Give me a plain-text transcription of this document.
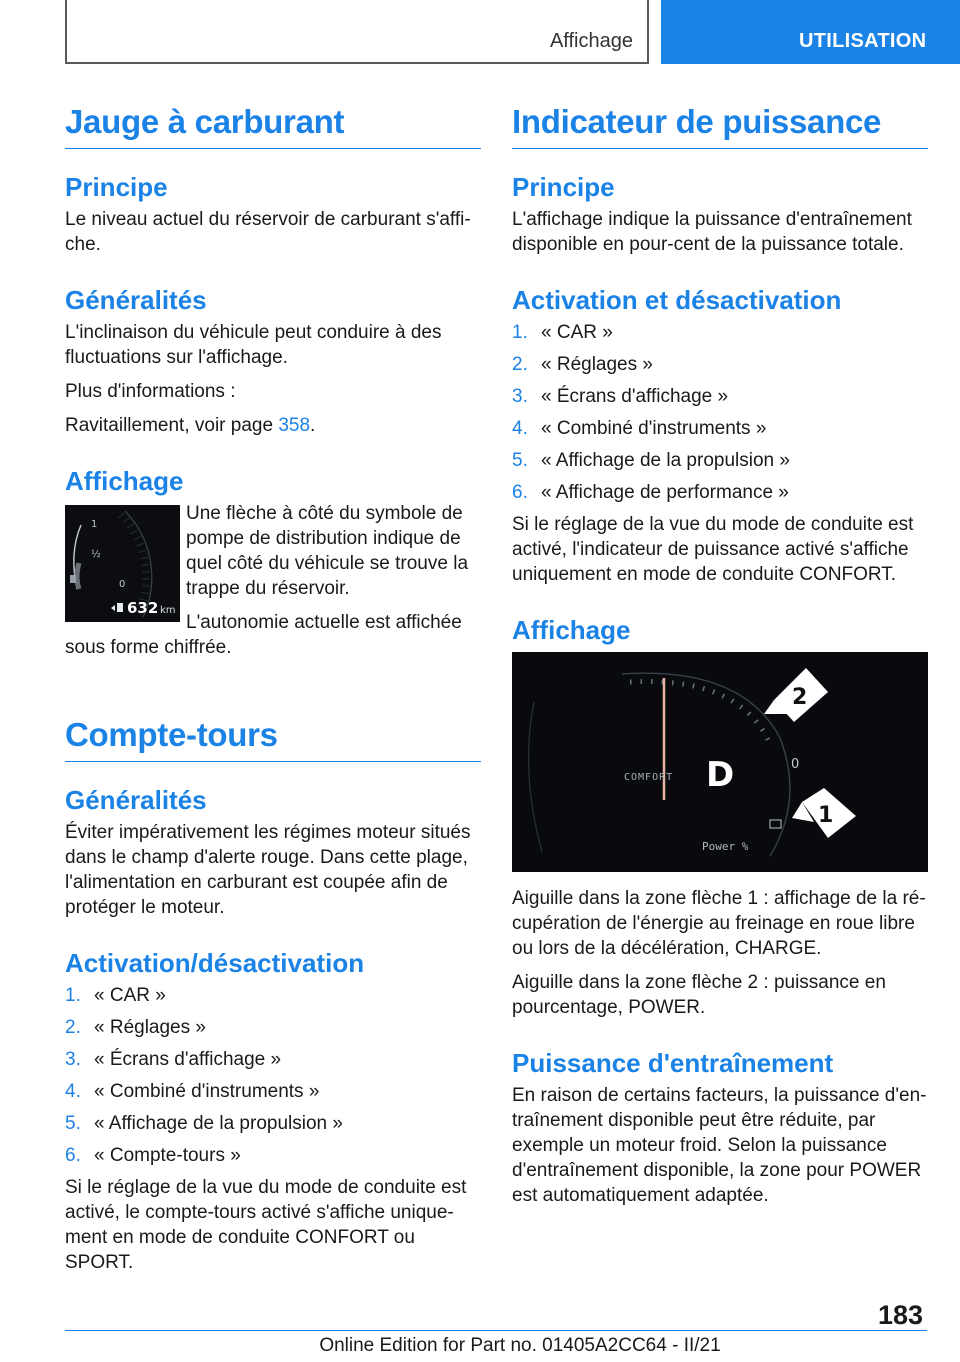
Affichage	UTILISATION
Jauge à carburant
Principe
Le niveau actuel du réservoir de carburant s'affi-che.
Généralités
L'inclinaison du véhicule peut conduire à des fluctuations sur l'affichage.
Plus d'informations :
Ravitaillement, voir page 358.
Affichage
1
½
0
632 km
Une flèche à côté du symbole de pompe de distribution indique de quel côté du véhicule se trouve la trappe du réservoir.
L'autonomie actuelle est affichée sous forme chiffrée.
Compte-tours
Généralités
Éviter impérativement les régimes moteur situés dans le champ d'alerte rouge. Dans cette plage, l'alimentation en carburant est coupée afin de protéger le moteur.
Activation/désactivation
1. « CAR »
2. « Réglages »
3. « Écrans d'affichage »
4. « Combiné d'instruments »
5. « Affichage de la propulsion »
6. « Compte-tours »
Si le réglage de la vue du mode de conduite est activé, le compte-tours activé s'affiche unique-ment en mode de conduite CONFORT ou SPORT.
Indicateur de puissance
Principe
L'affichage indique la puissance d'entraînement disponible en pour-cent de la puissance totale.
Activation et désactivation
1. « CAR »
2. « Réglages »
3. « Écrans d'affichage »
4. « Combiné d'instruments »
5. « Affichage de la propulsion »
6. « Affichage de performance »
Si le réglage de la vue du mode de conduite est activé, l'indicateur de puissance activé s'affiche uniquement en mode de conduite CONFORT.
Affichage
COMFORT D	0
Power %
2
1
Aiguille dans la zone flèche 1 : affichage de la ré-cupération de l'énergie au freinage en roue libre ou lors de la décélération, CHARGE.
Aiguille dans la zone flèche 2 : puissance en pourcentage, POWER.
Puissance d'entraînement
En raison de certains facteurs, la puissance d'en-traînement disponible peut être réduite, par exemple un moteur froid. Selon la puissance d'entraînement disponible, la zone pour POWER est automatiquement adaptée.
183
Online Edition for Part no. 01405A2CC64 - II/21
